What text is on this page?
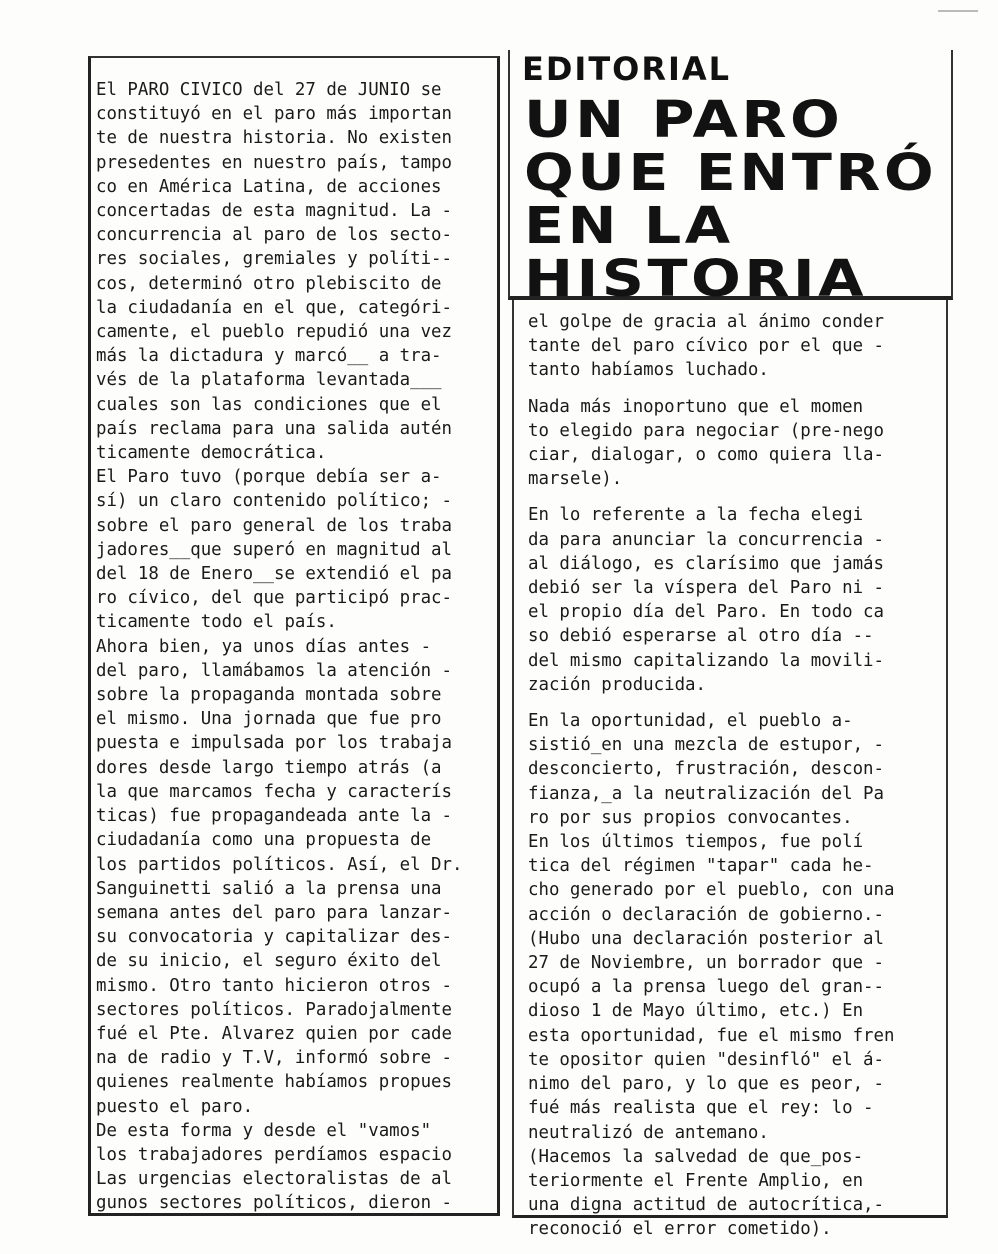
El PARO CIVICO del 27 de JUNIO se
constituyó en el paro más importan
te de nuestra historia. No existen
presedentes en nuestro país, tampo
co en América Latina, de acciones
concertadas de esta magnitud. La -
concurrencia al paro de los secto-
res sociales, gremiales y políti--
cos, determinó otro plebiscito de
la ciudadanía en el que, categóri-
camente, el pueblo repudió una vez
más la dictadura y marcó__ a tra-
vés de la plataforma levantada___
cuales son las condiciones que el
país reclama para una salida autén
ticamente democrática.
El Paro tuvo (porque debía ser a-
sí) un claro contenido político; -
sobre el paro general de los traba
jadores__que superó en magnitud al
del 18 de Enero__se extendió el pa
ro cívico, del que participó prac-
ticamente todo el país.
Ahora bien, ya unos días antes -
del paro, llamábamos la atención -
sobre la propaganda montada sobre
el mismo. Una jornada que fue pro
puesta e impulsada por los trabaja
dores desde largo tiempo atrás (a
la que marcamos fecha y caracterís
ticas) fue propagandeada ante la -
ciudadanía como una propuesta de
los partidos políticos. Así, el Dr.
Sanguinetti salió a la prensa una
semana antes del paro para lanzar-
su convocatoria y capitalizar des-
de su inicio, el seguro éxito del
mismo. Otro tanto hicieron otros -
sectores políticos. Paradojalmente
fué el Pte. Alvarez quien por cade
na de radio y T.V, informó sobre -
quienes realmente habíamos propues
puesto el paro.
De esta forma y desde el "vamos"
los trabajadores perdíamos espacio
Las urgencias electoralistas de al
gunos sectores políticos, dieron -
EDITORIAL
UN PARO
QUE ENTRÓ
EN LA
HISTORIA

el golpe de gracia al ánimo conder
tante del paro cívico por el que -
tanto habíamos luchado.

Nada más inoportuno que el momen
to elegido para negociar (pre-nego
ciar, dialogar, o como quiera lla-
marsele).

En lo referente a la fecha elegi
da para anunciar la concurrencia -
al diálogo, es clarísimo que jamás
debió ser la víspera del Paro ni -
el propio día del Paro. En todo ca
so debió esperarse al otro día --
del mismo capitalizando la movili-
zación producida.

En la oportunidad, el pueblo a-
sistió_en una mezcla de estupor, -
desconcierto, frustración, descon-
fianza,_a la neutralización del Pa
ro por sus propios convocantes.

En los últimos tiempos, fue polí
tica del régimen "tapar" cada he-
cho generado por el pueblo, con una
acción o declaración de gobierno.-
(Hubo una declaración posterior al
27 de Noviembre, un borrador que -
ocupó a la prensa luego del gran--
dioso 1 de Mayo último, etc.) En
esta oportunidad, fue el mismo fren
te opositor quien "desinfló" el á-
nimo del paro, y lo que es peor, -
fué más realista que el rey: lo -
neutralizó de antemano.
(Hacemos la salvedad de que_pos-
teriormente el Frente Amplio, en
una digna actitud de autocrítica,-
reconoció el error cometido).
